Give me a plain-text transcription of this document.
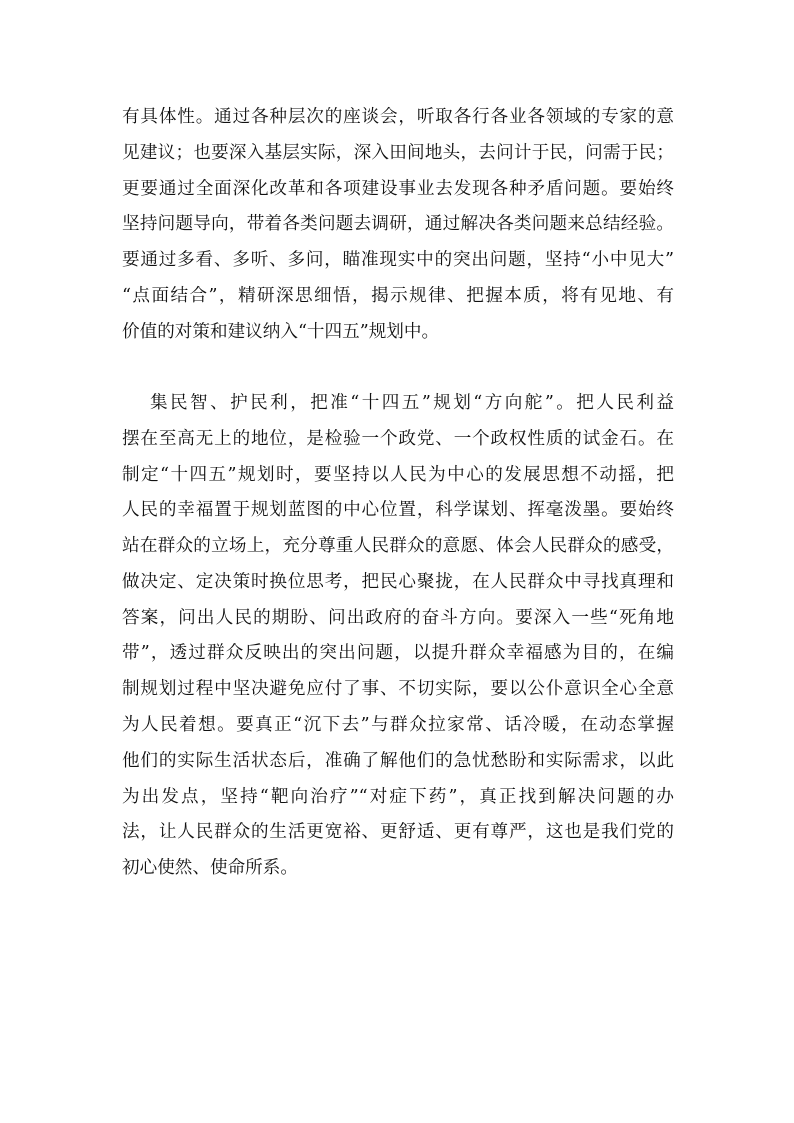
有具体性。通过各种层次的座谈会，听取各行各业各领域的专家的意
见建议；也要深入基层实际，深入田间地头，去问计于民，问需于民；
更要通过全面深化改革和各项建设事业去发现各种矛盾问题。要始终
坚持问题导向，带着各类问题去调研，通过解决各类问题来总结经验。
要通过多看、多听、多问，瞄准现实中的突出问题，坚持“小中见大”
“点面结合”，精研深思细悟，揭示规律、把握本质，将有见地、有
价值的对策和建议纳入“十四五”规划中。
集民智、护民利，把准“十四五”规划“方向舵”。把人民利益
摆在至高无上的地位，是检验一个政党、一个政权性质的试金石。在
制定“十四五”规划时，要坚持以人民为中心的发展思想不动摇，把
人民的幸福置于规划蓝图的中心位置，科学谋划、挥毫泼墨。要始终
站在群众的立场上，充分尊重人民群众的意愿、体会人民群众的感受，
做决定、定决策时换位思考，把民心聚拢，在人民群众中寻找真理和
答案，问出人民的期盼、问出政府的奋斗方向。要深入一些“死角地
带”，透过群众反映出的突出问题，以提升群众幸福感为目的，在编
制规划过程中坚决避免应付了事、不切实际，要以公仆意识全心全意
为人民着想。要真正“沉下去”与群众拉家常、话冷暖，在动态掌握
他们的实际生活状态后，准确了解他们的急忧愁盼和实际需求，以此
为出发点，坚持“靶向治疗”“对症下药”，真正找到解决问题的办
法，让人民群众的生活更宽裕、更舒适、更有尊严，这也是我们党的
初心使然、使命所系。
